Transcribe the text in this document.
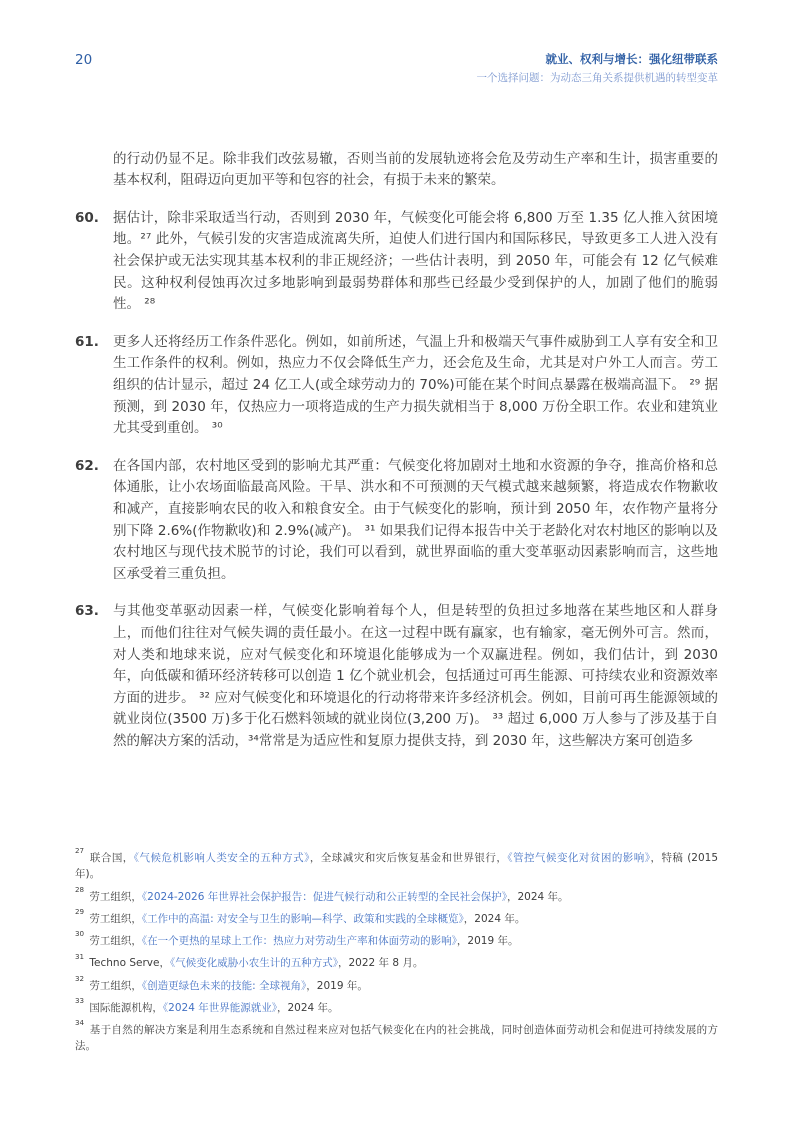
20	就业、权利与增长：强化纽带联系
一个选择问题：为动态三角关系提供机遇的转型变革
的行动仍显不足。除非我们改弦易辙，否则当前的发展轨迹将会危及劳动生产率和生计，损害重要的基本权利，阻碍迈向更加平等和包容的社会，有损于未来的繁荣。
60.	据估计，除非采取适当行动，否则到 2030 年，气候变化可能会将 6,800 万至 1.35 亿人推入贫困境地。²⁷ 此外，气候引发的灾害造成流离失所，迫使人们进行国内和国际移民，导致更多工人进入没有社会保护或无法实现其基本权利的非正规经济；一些估计表明，到 2050 年，可能会有 12 亿气候难民。这种权利侵蚀再次过多地影响到最弱势群体和那些已经最少受到保护的人，加剧了他们的脆弱性。 ²⁸
61.	更多人还将经历工作条件恶化。例如，如前所述，气温上升和极端天气事件威胁到工人享有安全和卫生工作条件的权利。例如，热应力不仅会降低生产力，还会危及生命，尤其是对户外工人而言。劳工组织的估计显示，超过 24 亿工人(或全球劳动力的 70%)可能在某个时间点暴露在极端高温下。 ²⁹ 据预测，到 2030 年，仅热应力一项将造成的生产力损失就相当于 8,000 万份全职工作。农业和建筑业尤其受到重创。 ³⁰
62.	在各国内部，农村地区受到的影响尤其严重：气候变化将加剧对土地和水资源的争夺，推高价格和总体通胀，让小农场面临最高风险。干旱、洪水和不可预测的天气模式越来越频繁，将造成农作物歉收和减产，直接影响农民的收入和粮食安全。由于气候变化的影响，预计到 2050 年，农作物产量将分别下降 2.6%(作物歉收)和 2.9%(减产)。 ³¹ 如果我们记得本报告中关于老龄化对农村地区的影响以及农村地区与现代技术脱节的讨论，我们可以看到，就世界面临的重大变革驱动因素影响而言，这些地区承受着三重负担。
63.	与其他变革驱动因素一样，气候变化影响着每个人，但是转型的负担过多地落在某些地区和人群身上，而他们往往对气候失调的责任最小。在这一过程中既有赢家，也有输家，毫无例外可言。然而，对人类和地球来说，应对气候变化和环境退化能够成为一个双赢进程。例如，我们估计，到 2030 年，向低碳和循环经济转移可以创造 1 亿个就业机会，包括通过可再生能源、可持续农业和资源效率方面的进步。 ³² 应对气候变化和环境退化的行动将带来许多经济机会。例如，目前可再生能源领域的就业岗位(3500 万)多于化石燃料领域的就业岗位(3,200 万)。 ³³ 超过 6,000 万人参与了涉及基于自然的解决方案的活动，³⁴常常是为适应性和复原力提供支持，到 2030 年，这些解决方案可创造多

$^{27}$ 联合国，《气候危机影响人类安全的五种方式》，全球减灾和灾后恢复基金和世界银行，《管控气候变化对贫困的影响》，特稿 (2015 年)。

$^{28}$ 劳工组织，《2024-2026 年世界社会保护报告：促进气候行动和公正转型的全民社会保护》，2024 年。

$^{29}$ 劳工组织，《工作中的高温: 对安全与卫生的影响—科学、政策和实践的全球概览》，2024 年。

$^{30}$ 劳工组织，《在一个更热的星球上工作：热应力对劳动生产率和体面劳动的影响》，2019 年。

$^{31}$ Techno Serve，《气候变化威胁小农生计的五种方式》，2022 年 8 月。

$^{32}$ 劳工组织，《创造更绿色未来的技能: 全球视角》，2019 年。

$^{33}$ 国际能源机构，《2024 年世界能源就业》，2024 年。

$^{34}$ 基于自然的解决方案是利用生态系统和自然过程来应对包括气候变化在内的社会挑战，同时创造体面劳动机会和促进可持续发展的方法。
